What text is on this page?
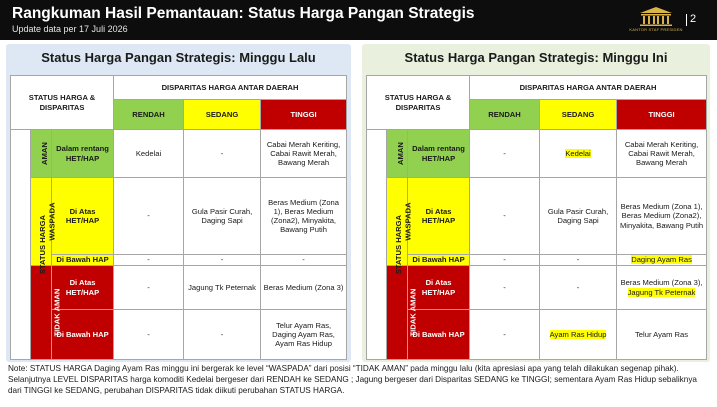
Rangkuman Hasil Pemantauan: Status Harga Pangan Strategis
Update data per 17 Juli 2026	KANTOR STAF PRESIDEN
2
Status Harga Pangan Strategis: Minggu Lalu
STATUS HARGA & DISPARITAS			DISPARITAS HARGA ANTAR DAERAH		
			RENDAH	SEDANG	TINGGI
STATUS HARGA	AMAN	Dalam rentang HET/HAP	Kedelai	-	Cabai Merah Keriting, Cabai Rawit Merah, Bawang Merah
	WASPADA	Di Atas HET/HAP	-	Gula Pasir Curah, Daging Sapi	Beras Medium (Zona 1), Beras Medium (Zona2), Minyakita, Bawang Putih
		Di Bawah HAP	-	-	-
	TIDAK AMAN	Di Atas HET/HAP	-	Jagung Tk Peternak	Beras Medium (Zona 3)
		Di Bawah HAP	-	-	Telur Ayam Ras, Daging Ayam Ras, Ayam Ras Hidup
Status Harga Pangan Strategis: Minggu Ini
STATUS HARGA & DISPARITAS			DISPARITAS HARGA ANTAR DAERAH		
			RENDAH	SEDANG	TINGGI
STATUS HARGA	AMAN	Dalam rentang HET/HAP	-	Kedelai	Cabai Merah Keriting, Cabai Rawit Merah, Bawang Merah
	WASPADA	Di Atas HET/HAP	-	Gula Pasir Curah, Daging Sapi	Beras Medium (Zona 1), Beras Medium (Zona2), Minyakita, Bawang Putih
		Di Bawah HAP	-	-	Daging Ayam Ras
	TIDAK AMAN	Di Atas HET/HAP	-	-	Beras Medium (Zona 3), Jagung Tk Peternak
		Di Bawah HAP	-	Ayam Ras Hidup	Telur Ayam Ras
Note: STATUS HARGA Daging Ayam Ras minggu ini bergerak ke level “WASPADA” dari posisi “TIDAK AMAN” pada minggu lalu (kita apresiasi apa yang telah dilakukan segenap pihak). Selanjutnya LEVEL DISPARITAS harga komoditi Kedelai bergeser dari RENDAH ke SEDANG ; Jagung bergeser dari Disparitas SEDANG ke TINGGI; sementara Ayam Ras Hidup sebaliknya dari TINGGI ke SEDANG, perubahan DISPARITAS tidak diikuti perubahan STATUS HARGA.
